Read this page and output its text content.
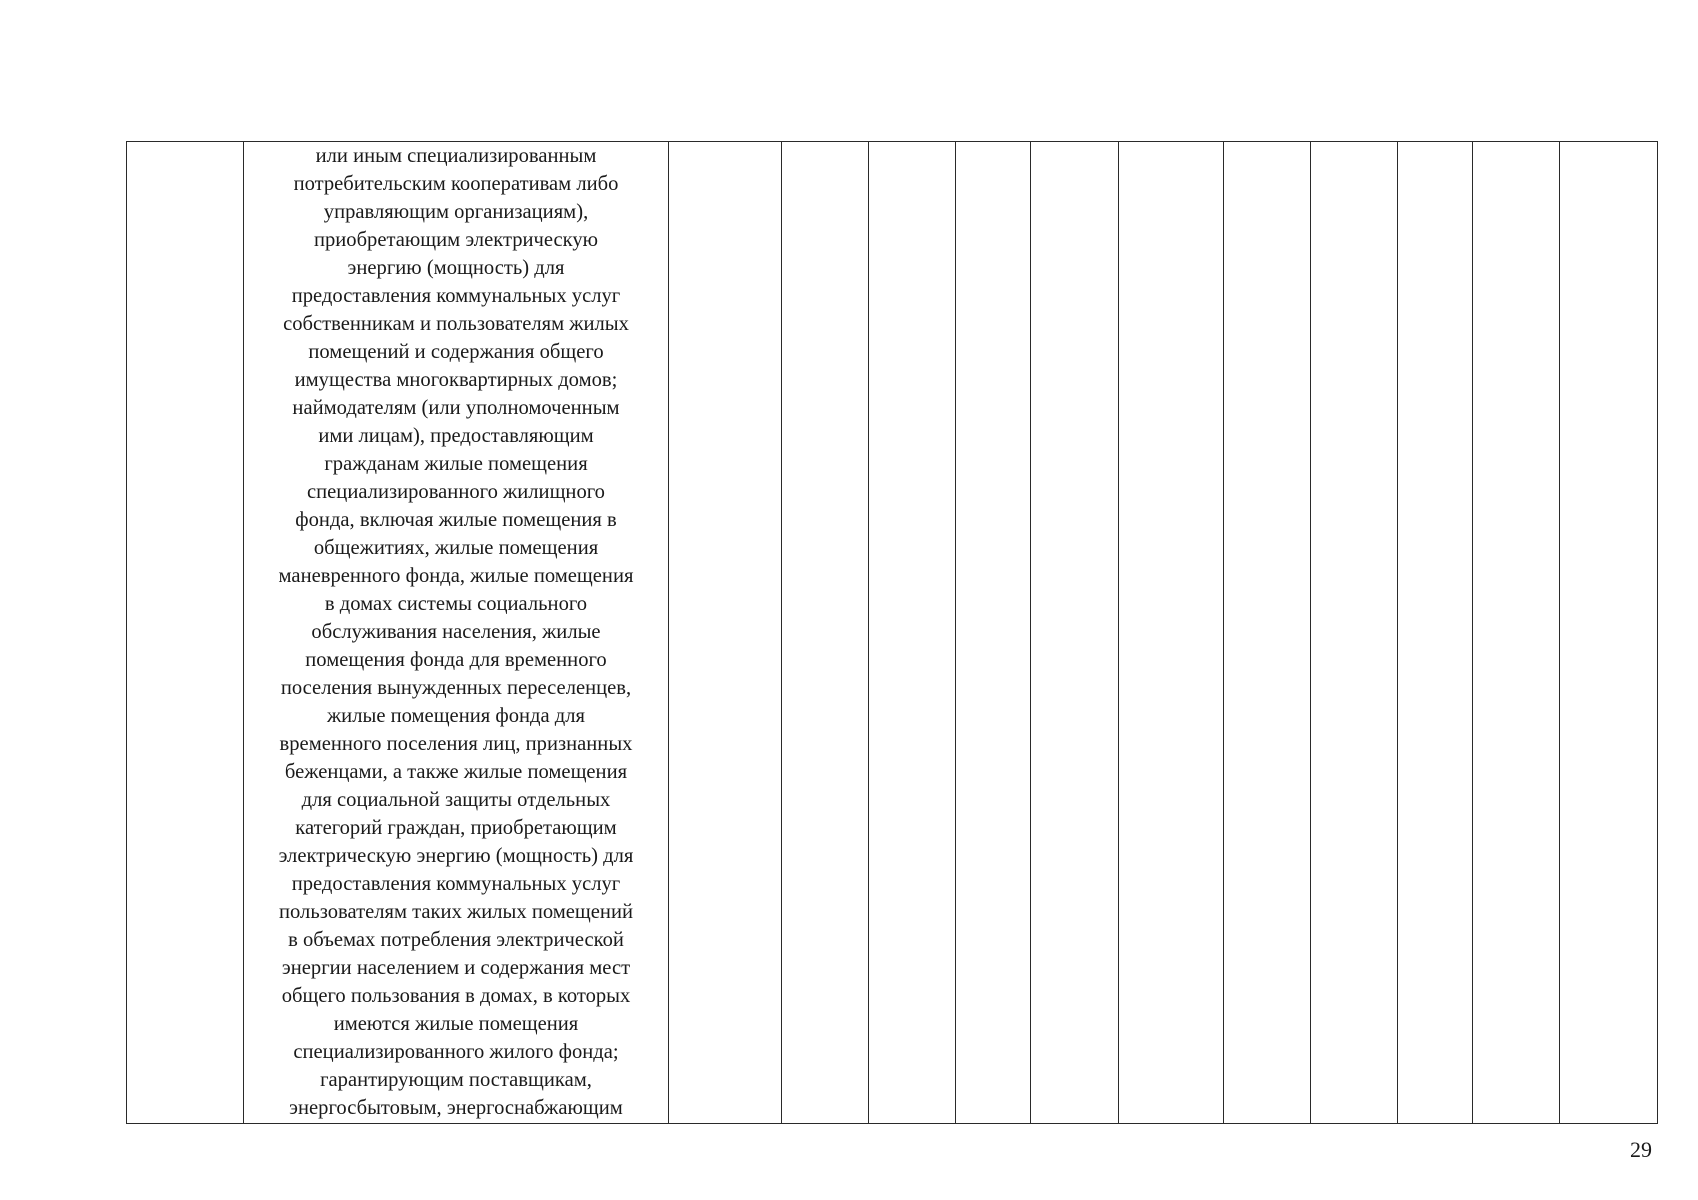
или иным специализированным
потребительским кооперативам либо
управляющим организациям),
приобретающим электрическую
энергию (мощность) для
предоставления коммунальных услуг
собственникам и пользователям жилых
помещений и содержания общего
имущества многоквартирных домов;
наймодателям (или уполномоченным
ими лицам), предоставляющим
гражданам жилые помещения
специализированного жилищного
фонда, включая жилые помещения в
общежитиях, жилые помещения
маневренного фонда, жилые помещения
в домах системы социального
обслуживания населения, жилые
помещения фонда для временного
поселения вынужденных переселенцев,
жилые помещения фонда для
временного поселения лиц, признанных
беженцами, а также жилые помещения
для социальной защиты отдельных
категорий граждан, приобретающим
электрическую энергию (мощность) для
предоставления коммунальных услуг
пользователям таких жилых помещений
в объемах потребления электрической
энергии населением и содержания мест
общего пользования в домах, в которых
имеются жилые помещения
специализированного жилого фонда;
гарантирующим поставщикам,
энергосбытовым, энергоснабжающим

29
